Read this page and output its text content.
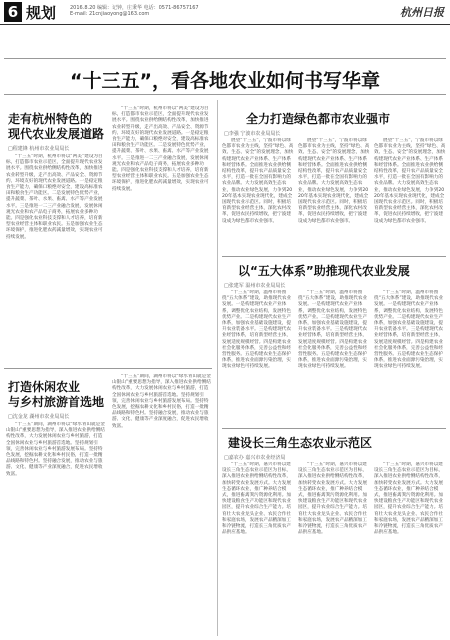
6 规划	2016.8.20 编辑：记钟，庄秉华 电话：0571-86757167
E-mail: 21cnjiaoyong@163.com	杭州日报
“十三五”，看各地农业如何书写华章
走有杭州特色的
现代农业发展道路
□程建锋 杭州市农业局局长

“十三五”时期，杭州市将以“两美”建设为目标，打造都市农业示范区，全面提升现代农业发展水平。围绕农业供给侧结构性改革，加快推进农业转型升级，走产出高效、产品安全、资源节约、环境友好的现代农业发展道路。一是稳定粮食生产能力，确保口粮绝对安全，建设高标准农田和粮食生产功能区。二是发展特色优势产业，提升蔬菜、茶叶、水果、畜禽、水产等产业发展水平。三是推进一二三产业融合发展，发展休闲观光农业和农产品电子商务，拓展农业多种功能。四是强化农业科技支撑和人才培养，培育新型农业经营主体和职业农民。五是加强农业生态环境保护，推进化肥农药减量增效，实现农业可持续发展。

“十三五”时期，杭州市将以“两美”建设为目标，打造都市农业示范区，全面提升现代农业发展水平。围绕农业供给侧结构性改革，加快推进农业转型升级，走产出高效、产品安全、资源节约、环境友好的现代农业发展道路。一是稳定粮食生产能力，确保口粮绝对安全，建设高标准农田和粮食生产功能区。二是发展特色优势产业，提升蔬菜、茶叶、水果、畜禽、水产等产业发展水平。三是推进一二三产业融合发展，发展休闲观光农业和农产品电子商务，拓展农业多种功能。四是强化农业科技支撑和人才培养，培育新型农业经营主体和职业农民。五是加强农业生态环境保护，推进化肥农药减量增效，实现农业可持续发展。

打造休闲农业
与乡村旅游首选地
□沈金龙 湖州市农业局局长

“十三五”期间，湖州市将以“绿水青山就是金山银山”重要思想为指导，深入推进农业供给侧结构性改革，大力发展休闲农业与乡村旅游，打造全国休闲农业与乡村旅游首选地。坚持规划引领，完善休闲农业与乡村旅游发展布局。坚持特色发展，挖掘农耕文化和乡村民俗，打造一批精品线路和特色村。坚持融合发展，推动农业与旅游、文化、健康等产业深度融合，促进农民增收致富。

“十三五”期间，湖州市将以“绿水青山就是金山银山”重要思想为指导，深入推进农业供给侧结构性改革，大力发展休闲农业与乡村旅游，打造全国休闲农业与乡村旅游首选地。坚持规划引领，完善休闲农业与乡村旅游发展布局。坚持特色发展，挖掘农耕文化和乡村民俗，打造一批精品线路和特色村。坚持融合发展，推动农业与旅游、文化、健康等产业深度融合，促进农民增收致富。

全力打造绿色都市农业强市
□李强 宁波市农业局局长

展望“十三五”，宁波市将以绿色都市农业为主线，坚持“绿色、高效、生态、安全”的发展理念，加快构建现代农业产业体系、生产体系和经营体系。全面推进农业供给侧结构性改革，提升农产品质量安全水平，打造一批在全国有影响力的农业品牌。大力发展高效生态农业，推动农业绿色发展，力争到2020年基本实现农业现代化，建成全国现代农业示范区。同时，积极培育新型农业经营主体，深化农村改革，促进农民持续增收，把宁波建设成为绿色都市农业强市。

展望“十三五”，宁波市将以绿色都市农业为主线，坚持“绿色、高效、生态、安全”的发展理念，加快构建现代农业产业体系、生产体系和经营体系。全面推进农业供给侧结构性改革，提升农产品质量安全水平，打造一批在全国有影响力的农业品牌。大力发展高效生态农业，推动农业绿色发展，力争到2020年基本实现农业现代化，建成全国现代农业示范区。同时，积极培育新型农业经营主体，深化农村改革，促进农民持续增收，把宁波建设成为绿色都市农业强市。

展望“十三五”，宁波市将以绿色都市农业为主线，坚持“绿色、高效、生态、安全”的发展理念，加快构建现代农业产业体系、生产体系和经营体系。全面推进农业供给侧结构性改革，提升农产品质量安全水平，打造一批在全国有影响力的农业品牌。大力发展高效生态农业，推动农业绿色发展，力争到2020年基本实现农业现代化，建成全国现代农业示范区。同时，积极培育新型农业经营主体，深化农村改革，促进农民持续增收，把宁波建设成为绿色都市农业强市。

以“五大体系”助推现代农业发展
□张建军 温州市农业局局长

“十三五”时期，温州市将围绕“五大体系”建设，助推现代农业发展。一是构建现代农业产业体系，调整优化农业结构，发展特色优势产业。二是构建现代农业生产体系，加强农业基础设施建设，提升农业装备水平。三是构建现代农业经营体系，培育新型经营主体，发展适度规模经营。四是构建农业社会化服务体系，完善公益性和经营性服务。五是构建农业生态保护体系，推进农业面源污染治理，实现农业绿色可持续发展。

“十三五”时期，温州市将围绕“五大体系”建设，助推现代农业发展。一是构建现代农业产业体系，调整优化农业结构，发展特色优势产业。二是构建现代农业生产体系，加强农业基础设施建设，提升农业装备水平。三是构建现代农业经营体系，培育新型经营主体，发展适度规模经营。四是构建农业社会化服务体系，完善公益性和经营性服务。五是构建农业生态保护体系，推进农业面源污染治理，实现农业绿色可持续发展。

“十三五”时期，温州市将围绕“五大体系”建设，助推现代农业发展。一是构建现代农业产业体系，调整优化农业结构，发展特色优势产业。二是构建现代农业生产体系，加强农业基础设施建设，提升农业装备水平。三是构建现代农业经营体系，培育新型经营主体，发展适度规模经营。四是构建农业社会化服务体系，完善公益性和经营性服务。五是构建农业生态保护体系，推进农业面源污染治理，实现农业绿色可持续发展。

建设长三角生态农业示范区
□嘉农办 嘉兴市农业经济局

“十三五”时期，嘉兴市将以建设长三角生态农业示范区为目标，深入推进农业供给侧结构性改革，加快转变农业发展方式。大力发展生态循环农业，推广种养结合模式，推进畜禽粪污资源化利用。加快建设粮食生产功能区和现代农业园区，提升农业综合生产能力。培育壮大农业龙头企业、农民合作社和家庭农场，发展农产品精深加工和冷链物流，打造长三角优质农产品供应基地。

“十三五”时期，嘉兴市将以建设长三角生态农业示范区为目标，深入推进农业供给侧结构性改革，加快转变农业发展方式。大力发展生态循环农业，推广种养结合模式，推进畜禽粪污资源化利用。加快建设粮食生产功能区和现代农业园区，提升农业综合生产能力。培育壮大农业龙头企业、农民合作社和家庭农场，发展农产品精深加工和冷链物流，打造长三角优质农产品供应基地。

“十三五”时期，嘉兴市将以建设长三角生态农业示范区为目标，深入推进农业供给侧结构性改革，加快转变农业发展方式。大力发展生态循环农业，推广种养结合模式，推进畜禽粪污资源化利用。加快建设粮食生产功能区和现代农业园区，提升农业综合生产能力。培育壮大农业龙头企业、农民合作社和家庭农场，发展农产品精深加工和冷链物流，打造长三角优质农产品供应基地。
